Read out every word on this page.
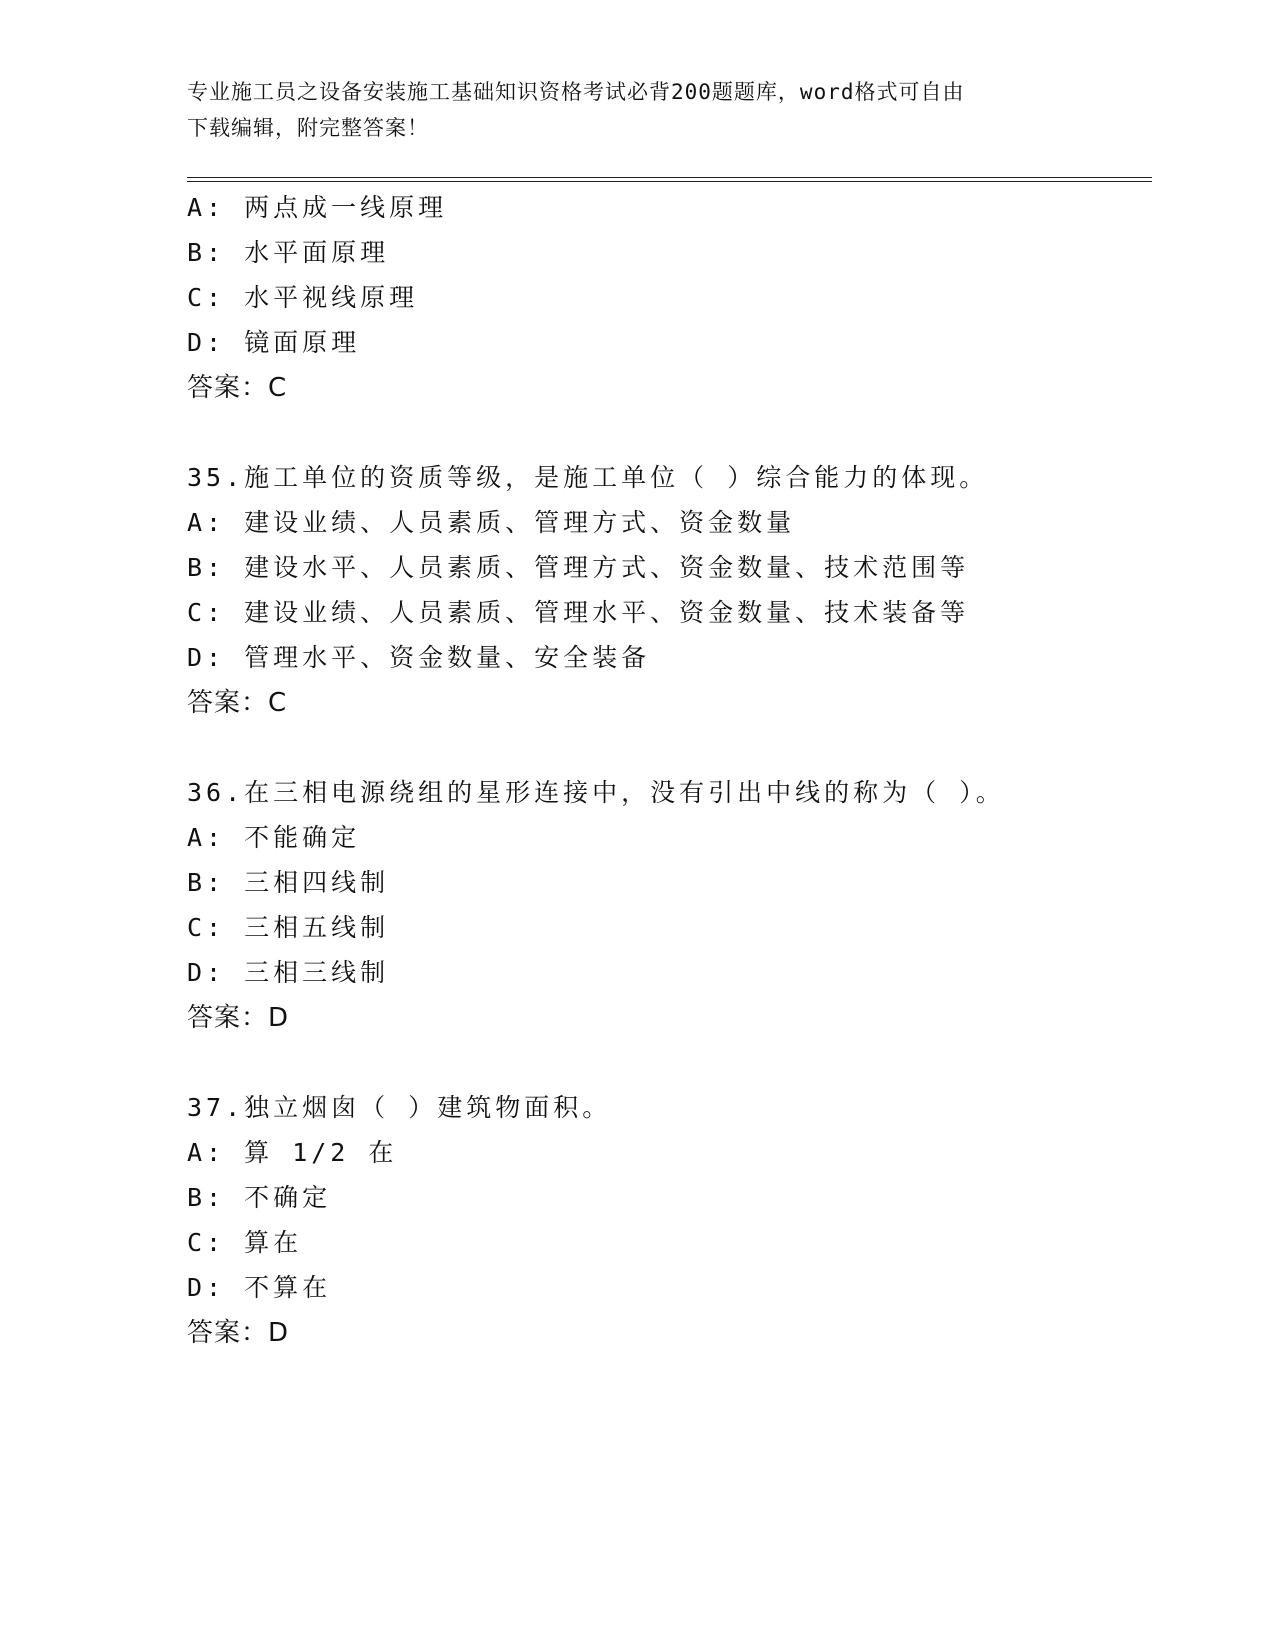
专业施工员之设备安装施工基础知识资格考试必背200题题库，word格式可自由
下载编辑，附完整答案！
A: 两点成一线原理
B: 水平面原理
C: 水平视线原理
D: 镜面原理
答案：C
35.施工单位的资质等级，是施工单位（ ）综合能力的体现。
A: 建设业绩、人员素质、管理方式、资金数量
B: 建设水平、人员素质、管理方式、资金数量、技术范围等
C: 建设业绩、人员素质、管理水平、资金数量、技术装备等
D: 管理水平、资金数量、安全装备
答案：C
36.在三相电源绕组的星形连接中，没有引出中线的称为（ ）。
A: 不能确定
B: 三相四线制
C: 三相五线制
D: 三相三线制
答案：D
37.独立烟囱（ ）建筑物面积。
A: 算 1/2 在
B: 不确定
C: 算在
D: 不算在
答案：D
